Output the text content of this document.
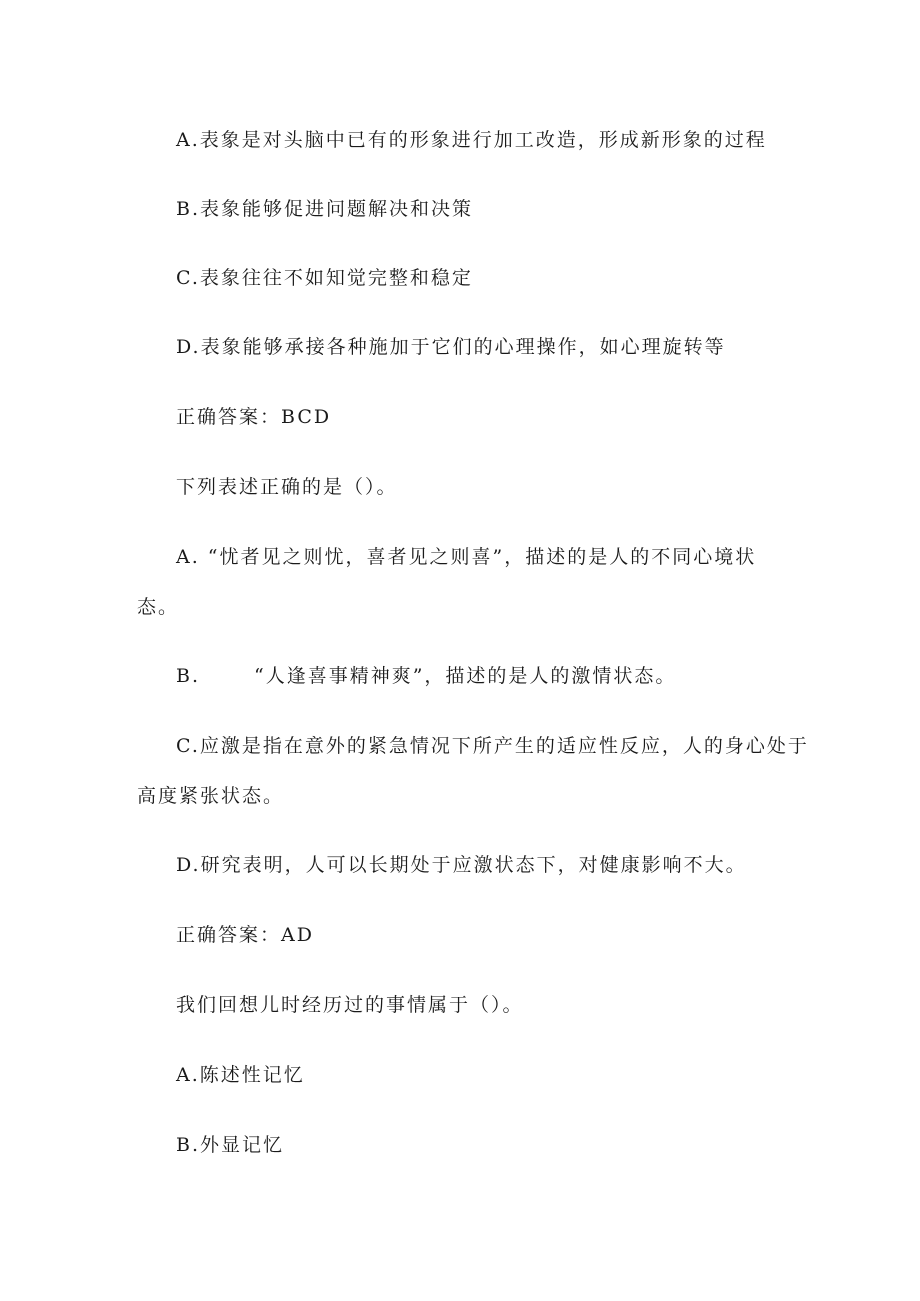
A.表象是对头脑中已有的形象进行加工改造，形成新形象的过程
B.表象能够促进问题解决和决策
C.表象往往不如知觉完整和稳定
D.表象能够承接各种施加于它们的心理操作，如心理旋转等
正确答案：BCD
下列表述正确的是（）。
A. “忧者见之则忧，喜者见之则喜”，描述的是人的不同心境状
态。
B.	“人逢喜事精神爽”，描述的是人的激情状态。
C.应激是指在意外的紧急情况下所产生的适应性反应，人的身心处于
高度紧张状态。
D.研究表明，人可以长期处于应激状态下，对健康影响不大。
正确答案：AD
我们回想儿时经历过的事情属于（）。
A.陈述性记忆
B.外显记忆
